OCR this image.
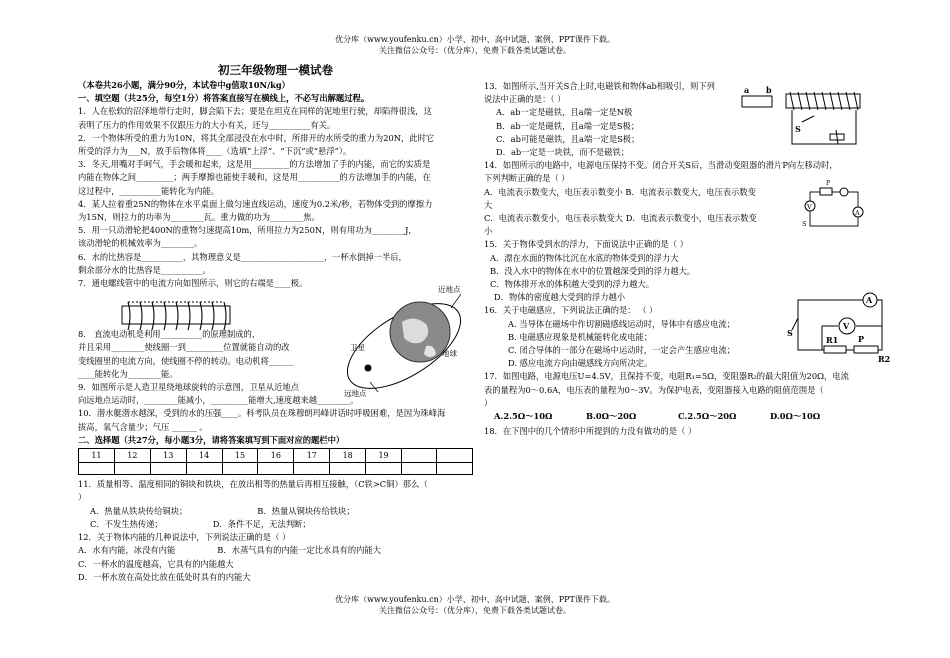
优分库（www.youfenku.cn）小学、初中、高中试题、案例、PPT课件下载。
关注微信公众号：（优分库），免费下载各类试题试卷。

初三年级物理一模试卷

（本卷共26小题，满分90分，本试卷中g值取10N/kg）

一、填空题（共25分，每空1分）将答案直接写在横线上，不必写出解题过程。

1．人在松软的沼泽地带行走时，脚会陷下去；要是在坦克在同样的泥地里行驶，却陷得很浅，这

表明了压力的作用效果不仅跟压力的大小有关，还与__________有关。

2．一个物体所受的重力为10N，将其全部浸没在水中时，所排开的水所受的重力为20N，此时它

所受的浮力为___N，放手后物体将____（选填“上浮”、“下沉”或“悬浮”）。

3．冬天,用嘴对手呵气，手会暖和起来，这是用_________的方法增加了手的内能，而它的实质是

内能在物体之间_________；两手摩擦也能使手暖和，这是用__________的方法增加手的内能，在

这过程中，__________能转化为内能。

4．某人拉着重25N的物体在水平桌面上做匀速直线运动，速度为0.2米/秒，若物体受到的摩擦力

为15N，则拉力的功率为________瓦。重力做的功为________焦。

5．用一只动滑轮把400N的重物匀速提高10m，所用拉力为250N，则有用功为________J，

该动滑轮的机械效率为________。

6．水的比热容是__________，其物理意义是____________________，一杯水倒掉一半后，

剩余部分水的比热容是__________。

7．通电螺线管中的电流方向如图所示，则它的右端是____极。

8． 直流电动机是利用__________的原理制成的，

并且采用________使线圈一到_________位置就能自动的改

变线圈里的电流方向，使线圈不停的转动。电动机将______

____能转化为________能。

9．如图所示是人造卫星绕地球旋转的示意图，卫星从近地点

向远地点运动时，________能减小，_________能增大,速度越来越________。

10．潜水艇潜水越深，受到的水的压强____。科考队员在珠穆朗玛峰讲话时呼吸困难，是因为珠峰海

拔高，氧气含量少；气压 ______ 。

二、选择题（共27分，每小题3分，请将答案填写到下面对应的题栏中）

11	12	13	14	15	16	17	18	19		

11．质量相等、温度相同的铜块和铁块，在放出相等的热量后再相互接触，（C铁>C铜）那么（

）

A．热量从铁块传给铜块；	B．热量从铜块传给铁块；

C．不发生热传递；	D．条件不足，无法判断；

12．关于物体内能的几种说法中，下列说法正确的是（ ）

A．水有内能，冰没有内能	B．水蒸气具有的内能一定比水具有的内能大

C．一杯水的温度越高，它具有的内能越大

D．一杯水放在高处比放在低处时具有的内能大

近地点
卫星
地球
远地点

13．如图所示,当开关S合上时,电磁铁和物体ab相吸引，则下列

说法中正确的是：（ ）

A．ab一定是磁铁，且a端一定是N极

B．ab一定是磁铁，且a端一定是S极；

C．ab可能是磁铁，且a端一定是S极；

D．ab一定是一块铁，而不是磁铁；

14．如图所示的电路中，电源电压保持不变。闭合开关S后，当滑动变阻器的滑片P向左移动时，

下列判断正确的是（ ）

A．电流表示数变大，电压表示数变小 B．电流表示数变大，电压表示数变

大

C．电流表示数变小，电压表示数变大 D．电流表示数变小，电压表示数变

小

15．关于物体受到水的浮力，下面说法中正确的是（ ）

A．漂在水面的物体比沉在水底的物体受到的浮力大

B．没入水中的物体在水中的位置越深受到的浮力越大。

C．物体排开水的体积越大受到的浮力越大。

D．物体的密度越大受到的浮力越小

16．关于电磁感应，下列说法正确的是： （ ）

A. 当导体在磁场中作切割磁感线运动时，导体中有感应电流；

B. 电磁感应现象是机械能转化成电能；

C. 闭合导体的一部分在磁场中运动时，一定会产生感应电流；

D. 感应电流方向由磁感线方向所决定。

17．如图电路，电源电压U=4.5V，且保持不变，电阻R₁=5Ω，变阻器R₂的最大阻值为20Ω，电流

表的量程为0～0.6A，电压表的量程为0～3V。为保护电表，变阻器接入电路的阻值范围是（

）

A.2.5Ω～10Ω	B.0Ω～20Ω	C.2.5Ω～20Ω	D.0Ω～10Ω

18．在下图中的几个情形中所提到的力没有做功的是（ ）

a b
S
P
V
A
S
S
A
V
R1 P
R2
优分库（www.youfenku.cn）小学、初中、高中试题、案例、PPT课件下载。
关注微信公众号：（优分库），免费下载各类试题试卷。
